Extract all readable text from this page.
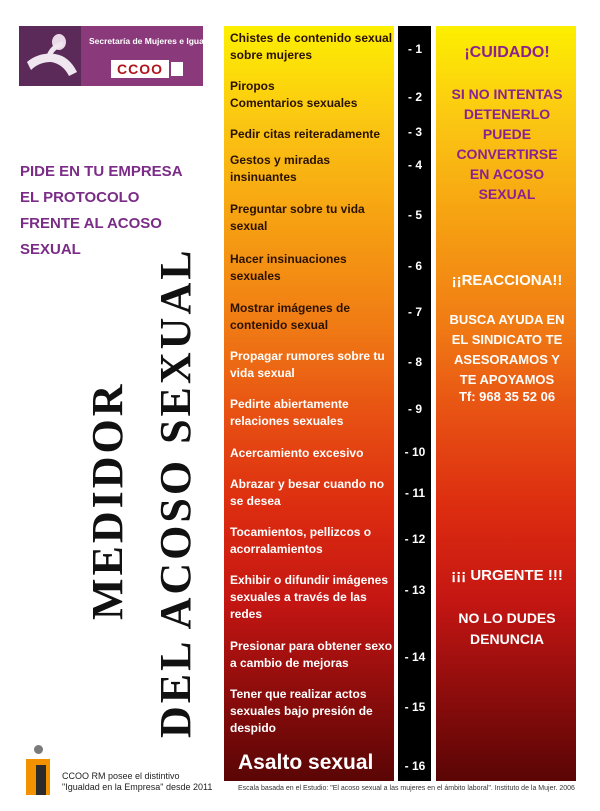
Secretaría de Mujeres e Igualdad
CCOO
PIDE EN TU EMPRESA
EL PROTOCOLO
FRENTE AL ACOSO
SEXUAL
MEDIDOR DEL ACOSO SEXUAL
Chistes de contenido sexual sobre mujeres
Piropos
Comentarios sexuales
Pedir citas reiteradamente
Gestos y miradas insinuantes
Preguntar sobre tu vida sexual
Hacer insinuaciones sexuales
Mostrar imágenes de contenido sexual
Propagar rumores sobre tu vida sexual
Pedirte abiertamente relaciones sexuales
Acercamiento excesivo
Abrazar y besar cuando no se desea
Tocamientos, pellizcos o acorralamientos
Exhibir o difundir imágenes sexuales a través de las redes
Presionar para obtener sexo a cambio de mejoras
Tener que realizar actos sexuales bajo presión de despido
Asalto sexual
- 1
- 2
- 3
- 4
- 5
- 6
- 7
- 8
- 9
- 10
- 11
- 12
- 13
- 14
- 15
- 16
¡CUIDADO!
SI NO INTENTAS DETENERLO PUEDE CONVERTIRSE EN ACOSO SEXUAL
¡¡REACCIONA!!
BUSCA AYUDA EN EL SINDICATO TE ASESORAMOS Y TE APOYAMOS
Tf: 968 35 52 06
¡¡¡ URGENTE !!!
NO LO DUDES DENUNCIA
CCOO RM posee el distintivo
"Igualdad en la Empresa" desde 2011	Escala basada en el Estudio: "El acoso sexual a las mujeres en el ámbito laboral". Instituto de la Mujer. 2006
